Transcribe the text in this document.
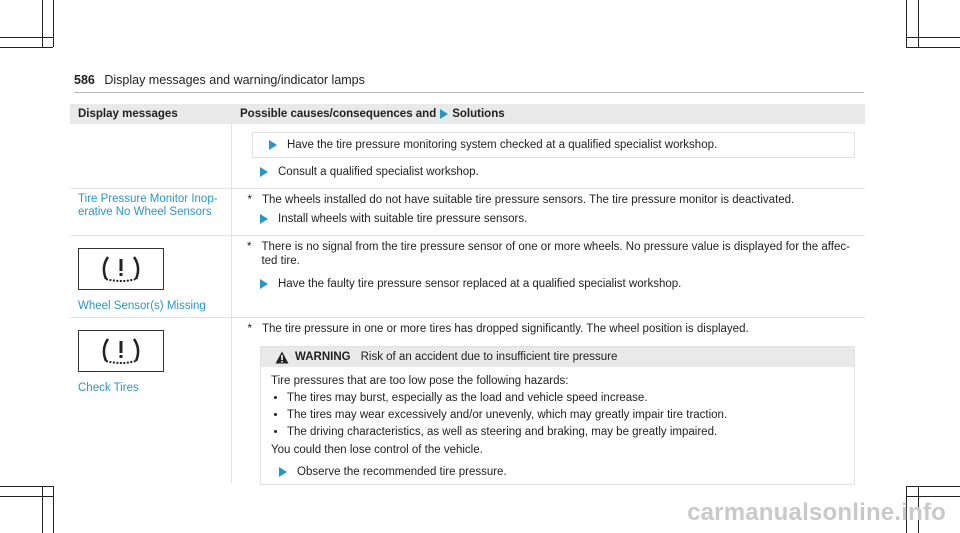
586 Display messages and warning/indicator lamps
Display messages	Possible causes/consequences and Solutions
Have the tire pressure monitoring system checked at a qualified specialist workshop.
Consult a qualified specialist workshop.
Tire Pressure Monitor Inop-erative No Wheel Sensors
* The wheels installed do not have suitable tire pressure sensors. The tire pressure monitor is deactivated.
Install wheels with suitable tire pressure sensors.
Wheel Sensor(s) Missing
* There is no signal from the tire pressure sensor of one or more wheels. No pressure value is displayed for the affec-ted tire.
Have the faulty tire pressure sensor replaced at a qualified specialist workshop.
Check Tires
* The tire pressure in one or more tires has dropped significantly. The wheel position is displayed.
WARNING Risk of an accident due to insufficient tire pressure
Tire pressures that are too low pose the following hazards:
• The tires may burst, especially as the load and vehicle speed increase.
• The tires may wear excessively and/or unevenly, which may greatly impair tire traction.
• The driving characteristics, as well as steering and braking, may be greatly impaired.
You could then lose control of the vehicle.
Observe the recommended tire pressure.
carmanualsonline.info
